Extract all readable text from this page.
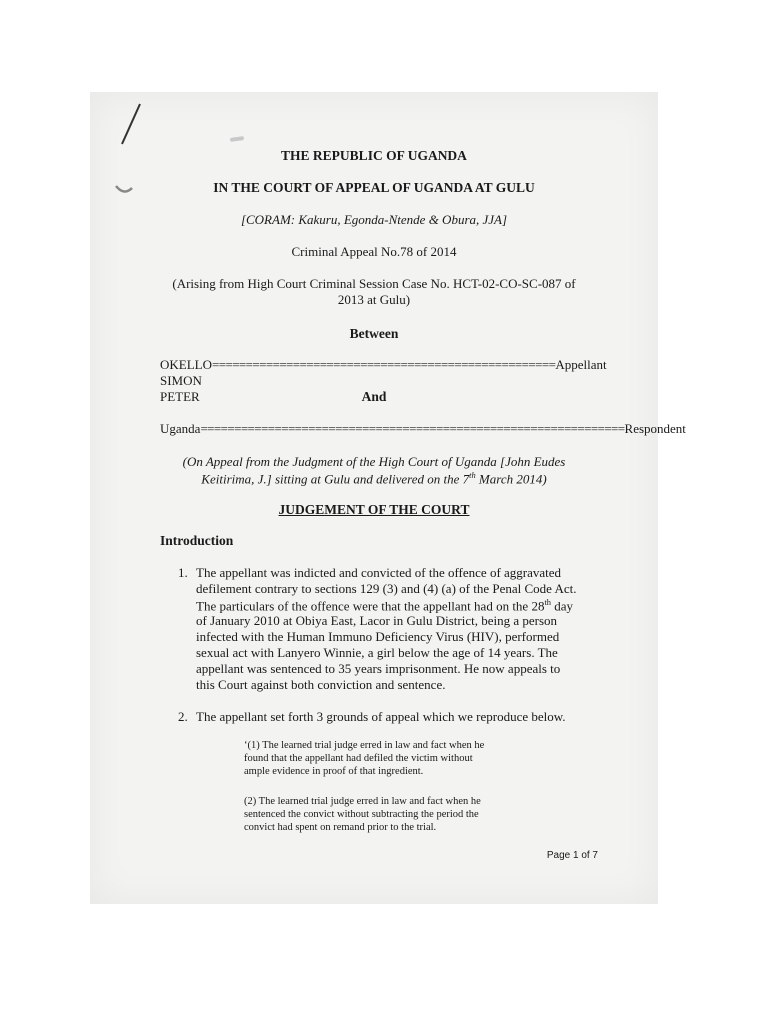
THE REPUBLIC OF UGANDA
IN THE COURT OF APPEAL OF UGANDA AT GULU
[CORAM: Kakuru, Egonda-Ntende & Obura, JJA]
Criminal Appeal No.78 of 2014
(Arising from High Court Criminal Session Case No. HCT-02-CO-SC-087 of
2013 at Gulu)
Between
OKELLO SIMON PETER
=================================================== Appellant
And
Uganda =============================================================== Respondent
(On Appeal from the Judgment of the High Court of Uganda [John Eudes
Keitirima, J.] sitting at Gulu and delivered on the 7th March 2014)
JUDGEMENT OF THE COURT
Introduction
1. The appellant was indicted and convicted of the offence of aggravated
defilement contrary to sections 129 (3) and (4) (a) of the Penal Code Act.
The particulars of the offence were that the appellant had on the 28th day
of January 2010 at Obiya East, Lacor in Gulu District, being a person
infected with the Human Immuno Deficiency Virus (HIV), performed
sexual act with Lanyero Winnie, a girl below the age of 14 years. The
appellant was sentenced to 35 years imprisonment. He now appeals to
this Court against both conviction and sentence.
2. The appellant set forth 3 grounds of appeal which we reproduce below.
‘(1) The learned trial judge erred in law and fact when he
found that the appellant had defiled the victim without
ample evidence in proof of that ingredient.
(2) The learned trial judge erred in law and fact when he
sentenced the convict without subtracting the period the
convict had spent on remand prior to the trial.
Page 1 of 7
